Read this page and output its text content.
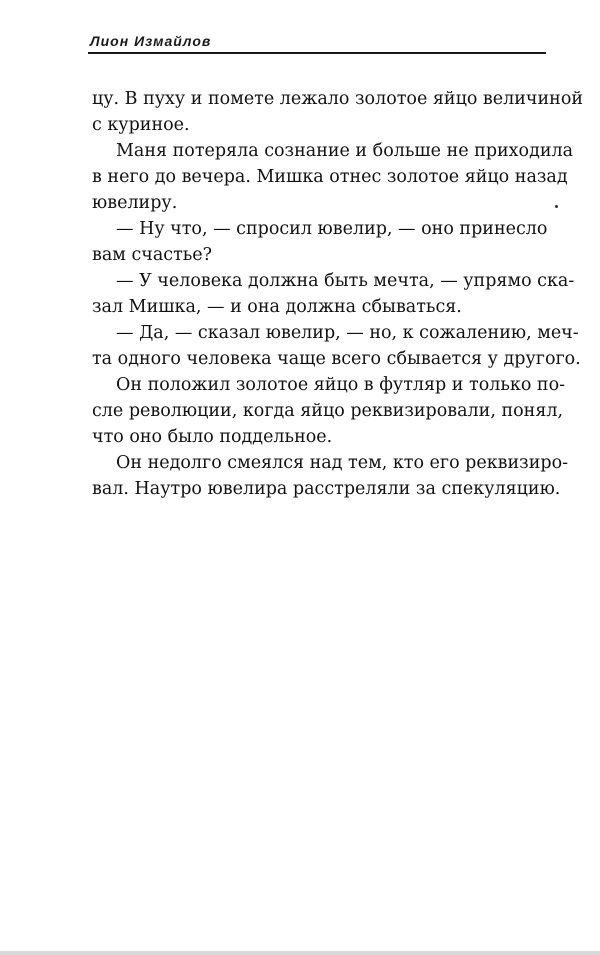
Лион Измайлов
цу. В пуху и помете лежало золотое яйцо величиной
с куриное.
Маня потеряла сознание и больше не приходила
в него до вечера. Мишка отнес золотое яйцо назад
ювелиру.
— Ну что, — спросил ювелир, — оно принесло
вам счастье?
— У человека должна быть мечта, — упрямо ска-
зал Мишка, — и она должна сбываться.
— Да, — сказал ювелир, — но, к сожалению, меч-
та одного человека чаще всего сбывается у другого.
Он положил золотое яйцо в футляр и только по-
сле революции, когда яйцо реквизировали, понял,
что оно было поддельное.
Он недолго смеялся над тем, кто его реквизиро-
вал. Наутро ювелира расстреляли за спекуляцию.
